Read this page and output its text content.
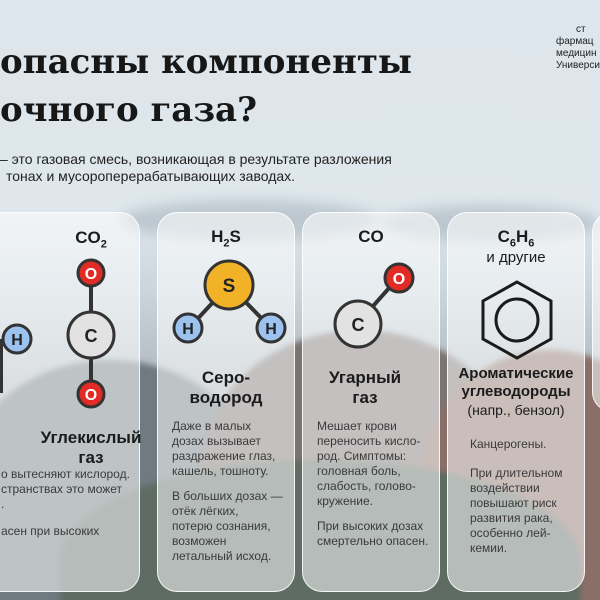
опасны компоненты
очного газа?
– это газовая смесь, возникающая в результате разложения
тонах и мусороперерабатывающих заводах.
ст
фармац
медицин
Универси
H
о вытесняют кислород.
странствах это может
.
асен при высоких
$CO_2$
O
C
O
Углекислый
газ
$H_2S$
S
H	H
Серо-
водород

Даже в малых
дозах вызывает
раздражение глаз,
кашель, тошноту.

В больших дозах —
отёк лёгких,
потерю сознания,
возможен
летальный исход.

CO
O
C
Угарный
газ

Мешает крови
переносить кисло-
род. Симптомы:
головная боль,
слабость, голово-
кружение.

При высоких дозах
смертельно опасен.

$C_6H_6$
и другие
Ароматические
углеводороды
(напр., бензол)

Канцерогены.

При длительном
воздействии
повышают риск
развития рака,
особенно лей-
кемии.
